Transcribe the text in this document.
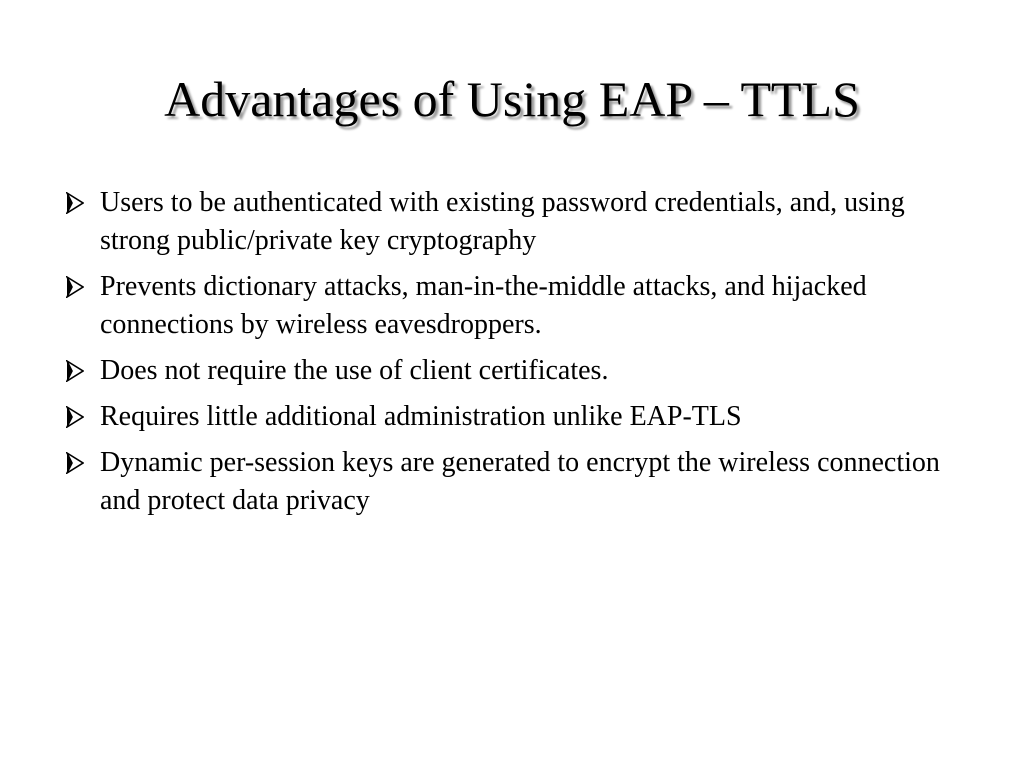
Advantages of Using EAP – TTLS
Users to be authenticated with existing password credentials, and, using strong public/private key cryptography
Prevents dictionary attacks, man-in-the-middle attacks, and hijacked connections by wireless eavesdroppers.
Does not require the use of client certificates.
Requires little additional administration unlike EAP-TLS
Dynamic per-session keys are generated to encrypt the wireless connection and protect data privacy
